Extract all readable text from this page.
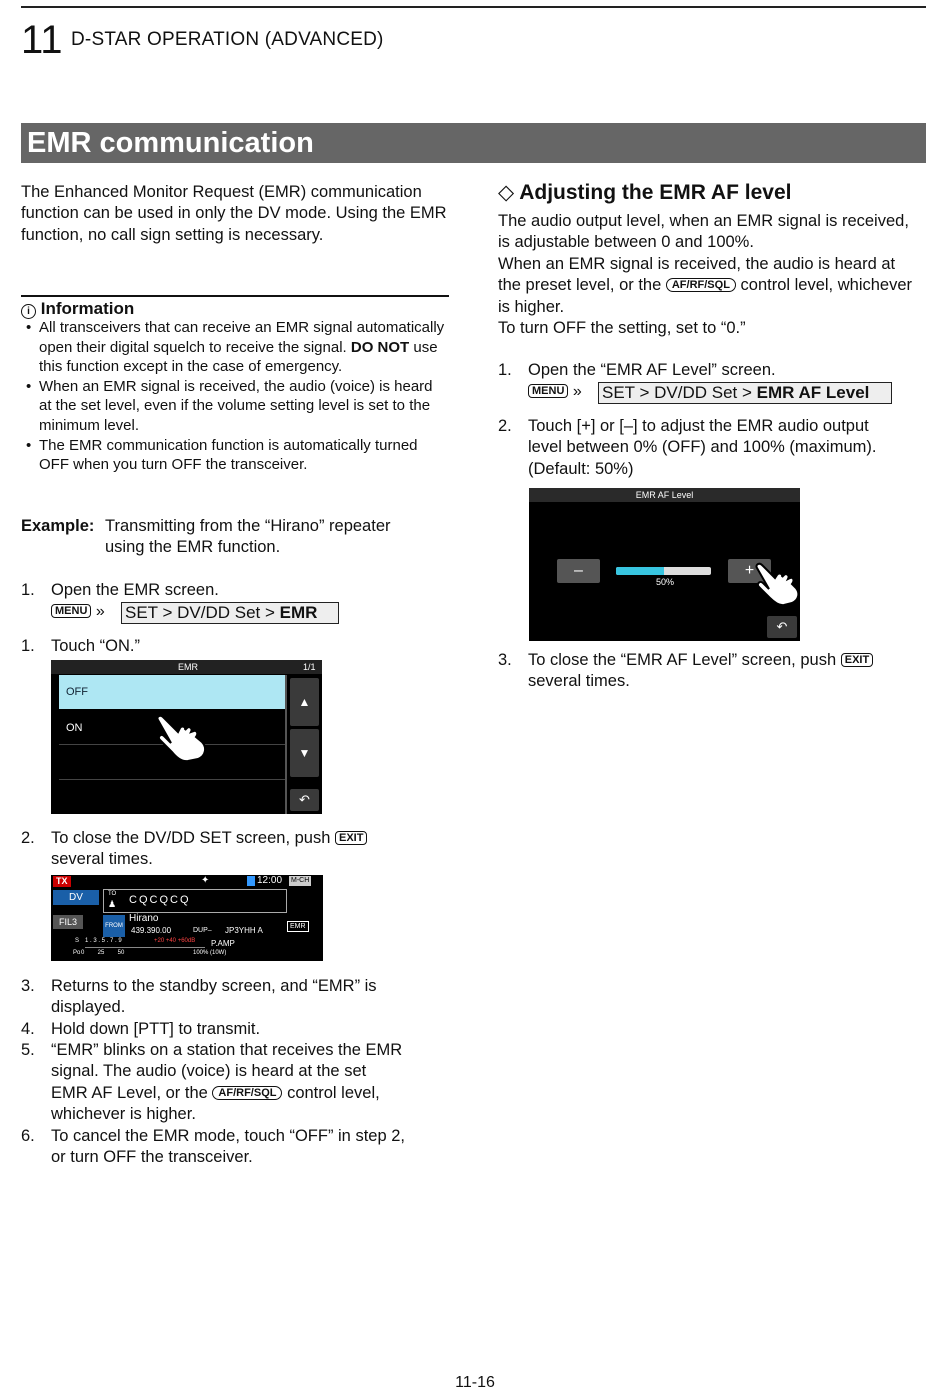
11 D-STAR OPERATION (ADVANCED)
EMR communication
The Enhanced Monitor Request (EMR) communication function can be used in only the DV mode. Using the EMR function, no call sign setting is necessary.
i Information
• All transceivers that can receive an EMR signal automatically open their digital squelch to receive the signal. DO NOT use this function except in the case of emergency.
• When an EMR signal is received, the audio (voice) is heard at the set level, even if the volume setting level is set to the minimum level.
• The EMR communication function is automatically turned OFF when you turn OFF the transceiver.
Example: Transmitting from the “Hirano” repeater
using the EMR function.
1. Open the EMR screen.
MENU » SET > DV/DD Set > EMR
1. Touch “ON.”
EMR	1/1
OFF
ON
▲
▼
↶
2. To close the DV/DD SET screen, push EXIT
several times.
TX	✦	12:00 M-CH
DV
FIL3
TO
♟ CQCQCQ
FROM
Hirano
439.390.00	DUP– JP3YHH A	EMR
S 1 . 3 . 5 . 7 . 9	+20 +40 +60dB P.AMP
Po 0        25        50	100% (10W)
3. Returns to the standby screen, and “EMR” is
displayed.
4. Hold down [PTT] to transmit.
5. “EMR” blinks on a station that receives the EMR
signal. The audio (voice) is heard at the set
EMR AF Level, or the AF/RF/SQL control level,
whichever is higher.
6. To cancel the EMR mode, touch “OFF” in step 2,
or turn OFF the transceiver.
◇ Adjusting the EMR AF level
The audio output level, when an EMR signal is received, is adjustable between 0 and 100%.
When an EMR signal is received, the audio is heard at the preset level, or the AF/RF/SQL control level, whichever is higher.
To turn OFF the setting, set to “0.”
1. Open the “EMR AF Level” screen.
MENU » SET > DV/DD Set > EMR AF Level
2. Touch [+] or [–] to adjust the EMR audio output
level between 0% (OFF) and 100% (maximum).
(Default: 50%)
EMR AF Level
–
50%
+
↶
3. To close the “EMR AF Level” screen, push EXIT
several times.
11-16
